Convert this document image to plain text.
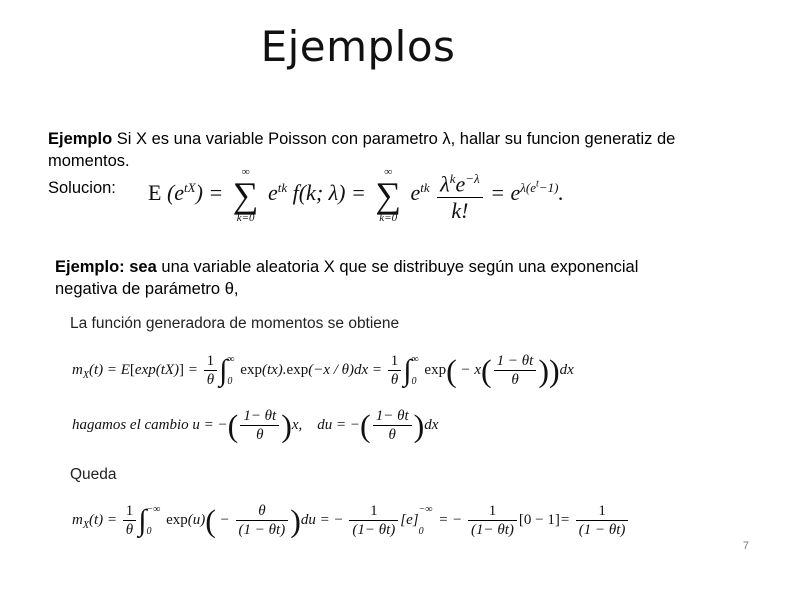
Ejemplos
Ejemplo Si X es una variable Poisson con parametro λ, hallar su funcion generatiz de
momentos.
Solucion: E $(e^{tX})$ =
∞
∑
k=0
$e^{tk}$ f(k; λ) =
∞
∑
k=0
$e^{tk} \frac{\lambda^ke^{-\lambda}}{k!} = e^{\lambda(e^t-1)}$.
Ejemplo: sea una variable aleatoria X que se distribuye según una exponencial
negativa de parámetro θ,
La función generadora de momentos se obtiene
$m_X(t) = E[\exp(tX)] = \frac{1}{\theta}$ ∫∞

0 $\exp(tx).\exp(-x / \theta)dx = \frac{1}{\theta}$ ∫∞

0 $\exp( - x( \frac{1 - \theta t}{\theta} ))dx$
hagamos el cambio u = −( $\frac{1- \theta t}{\theta} )x$,    du = −( $\frac{1- \theta t}{\theta} )dx$
Queda
$m_X(t) = \frac{1}{\theta}$ ∫−∞

0 $\exp(u)( - \frac{\theta}{(1 - \theta t)} )du$ = − $\frac{1}{(1- \theta t)} [e]-\infty$

0 = − $\frac{1}{(1- \theta t)} [0 - 1]= \frac{1}{(1 - \theta t)}$
7
